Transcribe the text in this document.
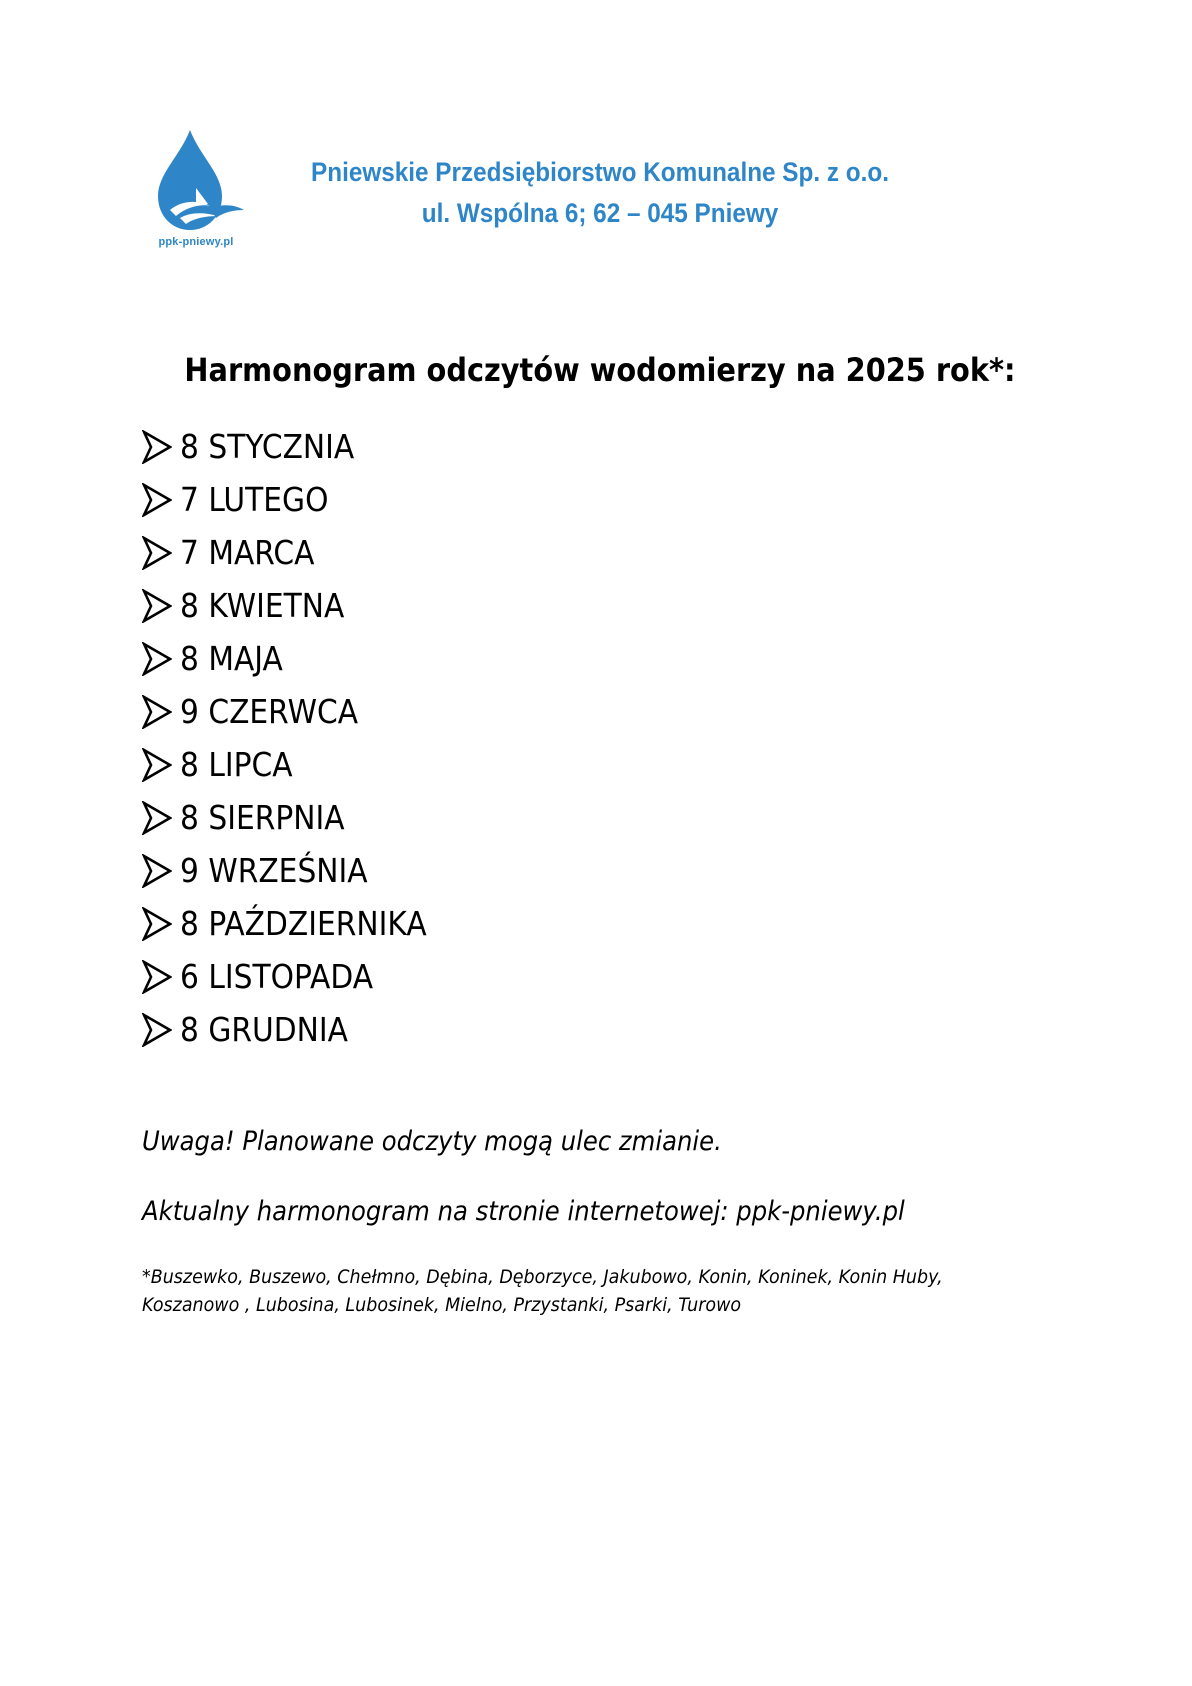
ppk-pniewy.pl
Pniewskie Przedsiębiorstwo Komunalne Sp. z o.o.
ul. Wspólna 6; 62 – 045 Pniewy
Harmonogram odczytów wodomierzy na 2025 rok*:
8 STYCZNIA
7 LUTEGO
7 MARCA
8 KWIETNA
8 MAJA
9 CZERWCA
8 LIPCA
8 SIERPNIA
9 WRZEŚNIA
8 PAŹDZIERNIKA
6 LISTOPADA
8 GRUDNIA
Uwaga! Planowane odczyty mogą ulec zmianie.
Aktualny harmonogram na stronie internetowej: ppk-pniewy.pl
*Buszewko, Buszewo, Chełmno, Dębina, Dęborzyce, Jakubowo, Konin, Koninek, Konin Huby, Koszanowo , Lubosina, Lubosinek, Mielno, Przystanki, Psarki, Turowo
